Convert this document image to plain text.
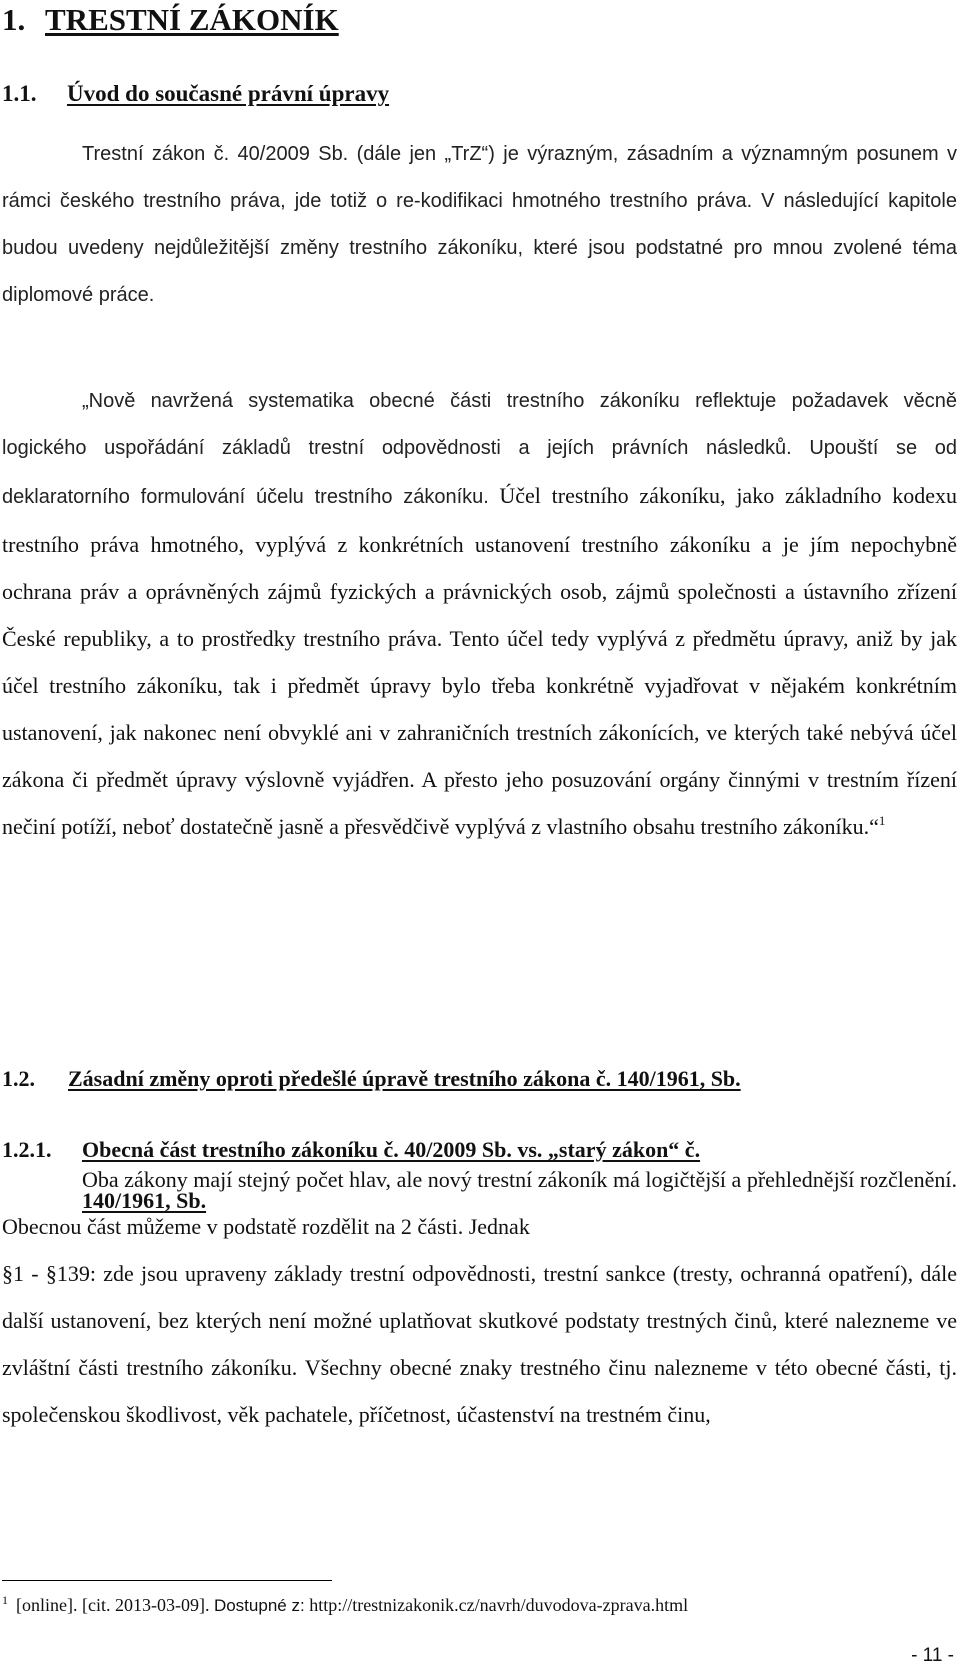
1. TRESTNÍ ZÁKONÍK
1.1. Úvod do současné právní úpravy

Trestní zákon č. 40/2009 Sb. (dále jen „TrZ“) je výrazným, zásadním a významným posunem v rámci českého trestního práva, jde totiž o re-kodifikaci hmotného trestního práva. V následující kapitole budou uvedeny nejdůležitější změny trestního zákoníku, které jsou podstatné pro mnou zvolené téma diplomové práce.

„Nově navržená systematika obecné části trestního zákoníku reflektuje požadavek věcně logického uspořádání základů trestní odpovědnosti a jejích právních následků. Upouští se od deklaratorního formulování účelu trestního zákoníku. Účel trestního zákoníku, jako základního kodexu trestního práva hmotného, vyplývá z konkrétních ustanovení trestního zákoníku a je jím nepochybně ochrana práv a oprávněných zájmů fyzických a právnických osob, zájmů společnosti a ústavního zřízení České republiky, a to prostředky trestního práva. Tento účel tedy vyplývá z předmětu úpravy, aniž by jak účel trestního zákoníku, tak i předmět úpravy bylo třeba konkrétně vyjadřovat v nějakém konkrétním ustanovení, jak nakonec není obvyklé ani v zahraničních trestních zákonících, ve kterých také nebývá účel zákona či předmět úpravy výslovně vyjádřen. A přesto jeho posuzování orgány činnými v trestním řízení nečiní potíží, neboť dostatečně jasně a přesvědčivě vyplývá z vlastního obsahu trestního zákoníku.“$^1$

1.2. Zásadní změny oproti předešlé úpravě trestního zákona č. 140/1961, Sb.
1.2.1. Obecná část trestního zákoníku č. 40/2009 Sb. vs. „starý zákon“ č.
140/1961, Sb.

Oba zákony mají stejný počet hlav, ale nový trestní zákoník má logičtější a přehlednější rozčlenění. Obecnou část můžeme v podstatě rozdělit na 2 části. Jednak

§1 - §139: zde jsou upraveny základy trestní odpovědnosti, trestní sankce (tresty, ochranná opatření), dále další ustanovení, bez kterých není možné uplatňovat skutkové podstaty trestných činů, které nalezneme ve zvláštní části trestního zákoníku. Všechny obecné znaky trestného činu nalezneme v této obecné části, tj. společenskou škodlivost, věk pachatele, příčetnost, účastenství na trestném činu,

$^1$ [online]. [cit. 2013-03-09]. Dostupné z: http://trestnizakonik.cz/navrh/duvodova-zprava.html
- 11 -
